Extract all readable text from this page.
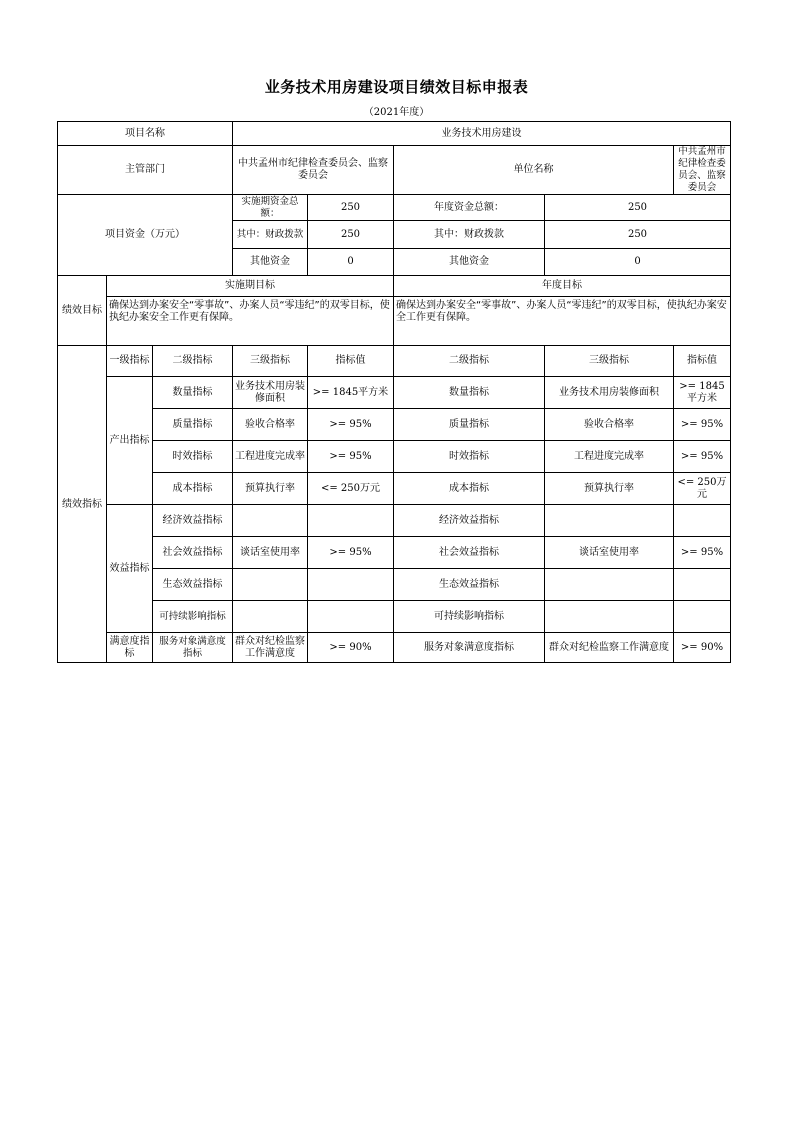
业务技术用房建设项目绩效目标申报表
（2021年度）
项目名称			业务技术用房建设				
主管部门			中共孟州市纪律检查委员会、监察委员会		单位名称		中共孟州市纪律检查委员会、监察委员会
项目资金（万元）			实施期资金总额：	250	年度资金总额：	250	
			其中：财政拨款	250	其中：财政拨款	250	
			其他资金	0	其他资金	0	
绩效目标	实施期目标				年度目标		
	确保达到办案安全“零事故”、办案人员“零违纪”的双零目标，使执纪办案安全工作更有保障。				确保达到办案安全“零事故”、办案人员“零违纪”的双零目标，使执纪办案安全工作更有保障。		
绩效指标	一级指标	二级指标	三级指标	指标值	二级指标	三级指标	指标值
	产出指标	数量指标	业务技术用房装修面积	>= 1845平方米	数量指标	业务技术用房装修面积	>= 1845平方米
		质量指标	验收合格率	>= 95%	质量指标	验收合格率	>= 95%
		时效指标	工程进度完成率	>= 95%	时效指标	工程进度完成率	>= 95%
		成本指标	预算执行率	<= 250万元	成本指标	预算执行率	<= 250万元
	效益指标	经济效益指标			经济效益指标		
		社会效益指标	谈话室使用率	>= 95%	社会效益指标	谈话室使用率	>= 95%
		生态效益指标			生态效益指标		
		可持续影响指标			可持续影响指标		
	满意度指标	服务对象满意度指标	群众对纪检监察工作满意度	>= 90%	服务对象满意度指标	群众对纪检监察工作满意度	>= 90%
